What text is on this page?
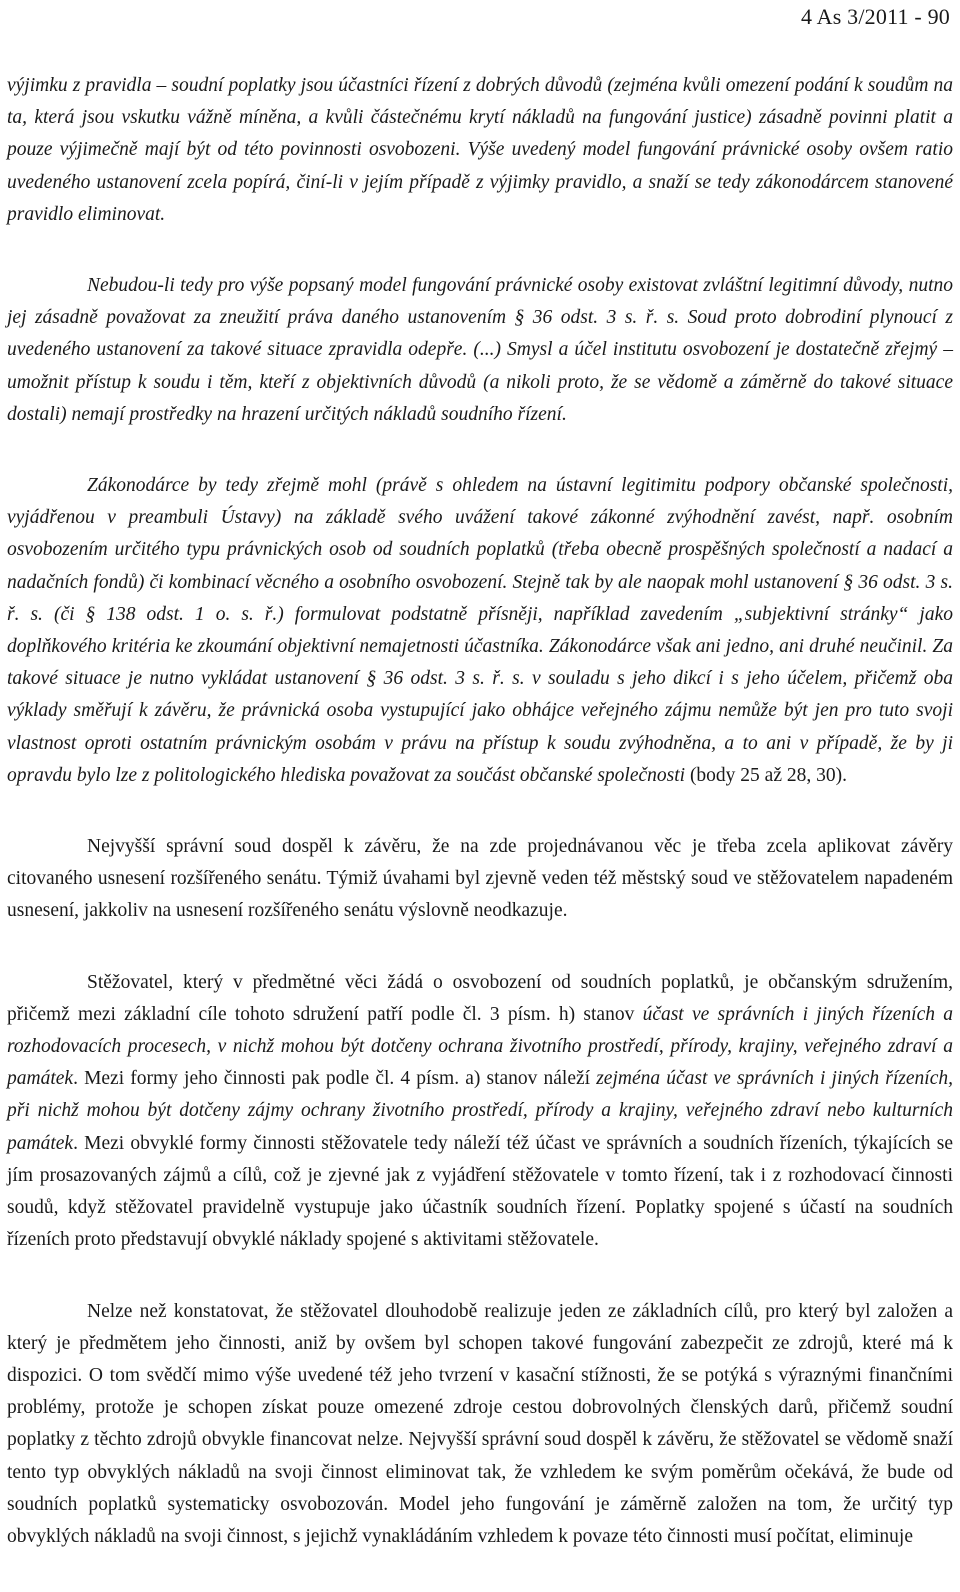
4 As 3/2011 - 90

výjimku z pravidla – soudní poplatky jsou účastníci řízení z dobrých důvodů (zejména kvůli omezení podání k soudům na ta, která jsou vskutku vážně míněna, a kvůli částečnému krytí nákladů na fungování justice) zásadně povinni platit a pouze výjimečně mají být od této povinnosti osvobozeni. Výše uvedený model fungování právnické osoby ovšem ratio uvedeného ustanovení zcela popírá, činí-li v jejím případě z výjimky pravidlo, a snaží se tedy zákonodárcem stanovené pravidlo eliminovat.

Nebudou-li tedy pro výše popsaný model fungování právnické osoby existovat zvláštní legitimní důvody, nutno jej zásadně považovat za zneužití práva daného ustanovením § 36 odst. 3 s. ř. s. Soud proto dobrodiní plynoucí z uvedeného ustanovení za takové situace zpravidla odepře. (...) Smysl a účel institutu osvobození je dostatečně zřejmý – umožnit přístup k soudu i těm, kteří z objektivních důvodů (a nikoli proto, že se vědomě a záměrně do takové situace dostali) nemají prostředky na hrazení určitých nákladů soudního řízení.

Zákonodárce by tedy zřejmě mohl (právě s ohledem na ústavní legitimitu podpory občanské společnosti, vyjádřenou v preambuli Ústavy) na základě svého uvážení takové zákonné zvýhodnění zavést, např. osobním osvobozením určitého typu právnických osob od soudních poplatků (třeba obecně prospěšných společností a nadací a nadačních fondů) či kombinací věcného a osobního osvobození. Stejně tak by ale naopak mohl ustanovení § 36 odst. 3 s. ř. s. (či § 138 odst. 1 o. s. ř.) formulovat podstatně přísněji, například zavedením „subjektivní stránky“ jako doplňkového kritéria ke zkoumání objektivní nemajetnosti účastníka. Zákonodárce však ani jedno, ani druhé neučinil. Za takové situace je nutno vykládat ustanovení § 36 odst. 3 s. ř. s. v souladu s jeho dikcí i s jeho účelem, přičemž oba výklady směřují k závěru, že právnická osoba vystupující jako obhájce veřejného zájmu nemůže být jen pro tuto svoji vlastnost oproti ostatním právnickým osobám v právu na přístup k soudu zvýhodněna, a to ani v případě, že by ji opravdu bylo lze z politologického hlediska považovat za součást občanské společnosti (body 25 až 28, 30).

Nejvyšší správní soud dospěl k závěru, že na zde projednávanou věc je třeba zcela aplikovat závěry citovaného usnesení rozšířeného senátu. Týmiž úvahami byl zjevně veden též městský soud ve stěžovatelem napadeném usnesení, jakkoliv na usnesení rozšířeného senátu výslovně neodkazuje.

Stěžovatel, který v předmětné věci žádá o osvobození od soudních poplatků, je občanským sdružením, přičemž mezi základní cíle tohoto sdružení patří podle čl. 3 písm. h) stanov účast ve správních i jiných řízeních a rozhodovacích procesech, v nichž mohou být dotčeny ochrana životního prostředí, přírody, krajiny, veřejného zdraví a památek. Mezi formy jeho činnosti pak podle čl. 4 písm. a) stanov náleží zejména účast ve správních i jiných řízeních, při nichž mohou být dotčeny zájmy ochrany životního prostředí, přírody a krajiny, veřejného zdraví nebo kulturních památek. Mezi obvyklé formy činnosti stěžovatele tedy náleží též účast ve správních a soudních řízeních, týkajících se jím prosazovaných zájmů a cílů, což je zjevné jak z vyjádření stěžovatele v tomto řízení, tak i z rozhodovací činnosti soudů, když stěžovatel pravidelně vystupuje jako účastník soudních řízení. Poplatky spojené s účastí na soudních řízeních proto představují obvyklé náklady spojené s aktivitami stěžovatele.

Nelze než konstatovat, že stěžovatel dlouhodobě realizuje jeden ze základních cílů, pro který byl založen a který je předmětem jeho činnosti, aniž by ovšem byl schopen takové fungování zabezpečit ze zdrojů, které má k dispozici. O tom svědčí mimo výše uvedené též jeho tvrzení v kasační stížnosti, že se potýká s výraznými finančními problémy, protože je schopen získat pouze omezené zdroje cestou dobrovolných členských darů, přičemž soudní poplatky z těchto zdrojů obvykle financovat nelze. Nejvyšší správní soud dospěl k závěru, že stěžovatel se vědomě snaží tento typ obvyklých nákladů na svoji činnost eliminovat tak, že vzhledem ke svým poměrům očekává, že bude od soudních poplatků systematicky osvobozován. Model jeho fungování je záměrně založen na tom, že určitý typ obvyklých nákladů na svoji činnost, s jejichž vynakládáním vzhledem k povaze této činnosti musí počítat, eliminuje
